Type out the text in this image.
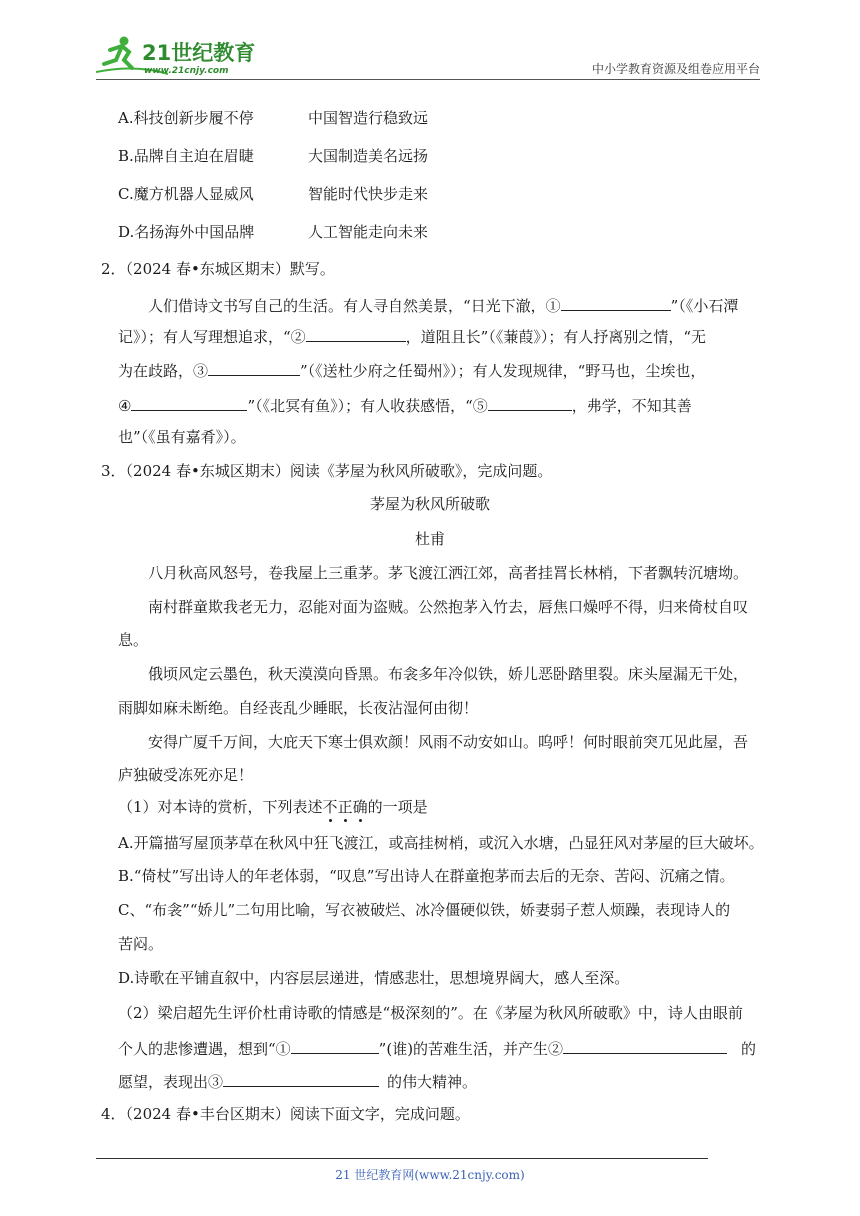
21世纪教育
www.21cnjy.com	中小学教育资源及组卷应用平台
A.科技创新步履不停	中国智造行稳致远
B.品牌自主迫在眉睫	大国制造美名远扬
C.魔方机器人显威风	智能时代快步走来
D.名扬海外中国品牌	人工智能走向未来
2．（2024 春•东城区期末）默写。
人们借诗文书写自己的生活。有人寻自然美景，“日光下澈，①	”（《小石潭
记》）；有人写理想追求，“②	，道阻且长”（《蒹葭》）；有人抒离别之情，“无
为在歧路，③	”（《送杜少府之任蜀州》）；有人发现规律，“野马也，尘埃也，
④	”（《北冥有鱼》）；有人收获感悟，“⑤	，弗学，不知其善
也”（《虽有嘉肴》）。
3．（2024 春•东城区期末）阅读《茅屋为秋风所破歌》，完成问题。
茅屋为秋风所破歌
杜甫
八月秋高风怒号，卷我屋上三重茅。茅飞渡江洒江郊，高者挂罥长林梢，下者飘转沉塘坳。
南村群童欺我老无力，忍能对面为盗贼。公然抱茅入竹去，唇焦口燥呼不得，归来倚杖自叹
息。
俄顷风定云墨色，秋天漠漠向昏黑。布衾多年冷似铁，娇儿恶卧踏里裂。床头屋漏无干处，
雨脚如麻未断绝。自经丧乱少睡眠，长夜沾湿何由彻！
安得广厦千万间，大庇天下寒士俱欢颜！风雨不动安如山。呜呼！何时眼前突兀见此屋，吾
庐独破受冻死亦足！
（1）对本诗的赏析，下列表述不正确的一项是
A.开篇描写屋顶茅草在秋风中狂飞渡江，或高挂树梢，或沉入水塘，凸显狂风对茅屋的巨大破坏。
B.“倚杖”写出诗人的年老体弱，“叹息”写出诗人在群童抱茅而去后的无奈、苦闷、沉痛之情。
C、“布衾”“娇儿”二句用比喻，写衣被破烂、冰冷僵硬似铁，娇妻弱子惹人烦躁，表现诗人的
苦闷。
D.诗歌在平铺直叙中，内容层层递进，情感悲壮，思想境界阔大，感人至深。
（2）梁启超先生评价杜甫诗歌的情感是“极深刻的”。在《茅屋为秋风所破歌》中，诗人由眼前
个人的悲惨遭遇，想到“①	”(谁)的苦难生活，并产生②	的
愿望，表现出③	的伟大精神。
4．（2024 春•丰台区期末）阅读下面文字，完成问题。
21 世纪教育网(www.21cnjy.com)
